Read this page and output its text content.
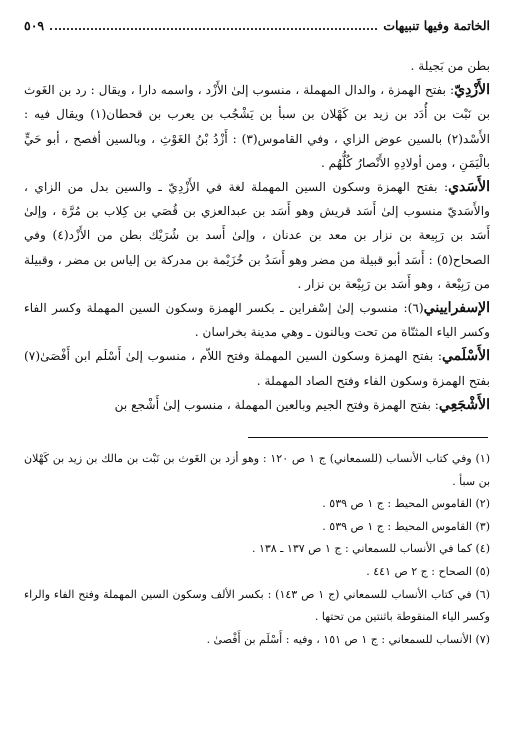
الخاتمة وفيها تنبيهات
٥٠٩

بطن من بَجيلة .

الأَزْدِيّ: بفتح الهمزة ، والدال المهملة ، منسوب إلىٰ الأَزْد ، واسمه دارا ، ويقال : رد بن الغَوث بن نَبْت بن أُدَد بن زيد بن كَهْلان بن سبأ بن يَشْجُب بن يعرب بن قحطان(١) ويقال فيه : الأَسْد(٢) بالسين عوض الزاي ، وفي القاموس(٣) : أَزْدُ بْنُ الغَوْثِ ، وبالسين أفصح ، أبو حَيٍّ بالْيَمَنِ ، ومن أولادِهِ الأَنْصارُ كُلُّهُم .

الأَسَدي: بفتح الهمزة وسكون السين المهملة لغة في الأَزْدِيّ ـ والسين بدل من الزاي ، والأَسَديّ منسوب إلىٰ أَسَد قريش وهو أَسَد بن عبدالعزي بن قُصَي بن كِلاب بن مُرَّة ، وإلىٰ أَسَد بن رَبِيعة بن نزار بن معد بن عدنان ، وإلىٰ أَسد بن شُرَيْك بطن من الأَزْد(٤) وفي الصحاح(٥) : أَسَد أبو قبيلة من مضر وهو أَسَدُ بن خُزَيْمة بن مدركة بن إلياس بن مضر ، وقبيلة من رَبِيْعة ، وهو أَسَد بن رَبِيْعة بن نزار .

الإسفراييني(٦): منسوب إلىٰ إسْفراين ـ بكسر الهمزة وسكون السين المهملة وكسر الفاء وكسر الياء المثنّاة من تحت وبالنون ـ وهي مدينة بخراسان .

الأَسْلَمي: بفتح الهمزة وسكون السين المهملة وفتح اللاّم ، منسوب إلىٰ أَسْلَم ابن أَفْصَىٰ(٧) بفتح الهمزة وسكون الفاء وفتح الصاد المهملة .

الأَشْجَعِي: بفتح الهمزة وفتح الجيم وبالعين المهملة ، منسوب إلىٰ أَشْجع بن

(١) وفي كتاب الأنساب (للسمعاني) ج ١ ص ١٢٠ : وهو أزد بن الغَوث بن نَبْت بن مالك بن زيد بن كَهْلان بن سبأ .

(٢) القاموس المحيط : ج ١ ص ٥٣٩ .

(٣) القاموس المحيط : ج ١ ص ٥٣٩ .

(٤) كما في الأنساب للسمعاني : ج ١ ص ١٣٧ ـ ١٣٨ .

(٥) الصحاح : ج ٢ ص ٤٤١ .

(٦) في كتاب الأنساب للسمعاني (ج ١ ص ١٤٣) : بكسر الألف وسكون السين المهملة وفتح الفاء والراء وكسر الياء المنقوطة باثنتين من تحتها .

(٧) الأنساب للسمعاني : ج ١ ص ١٥١ ، وفيه : أَسْلَم بن أَفْصىٰ .
